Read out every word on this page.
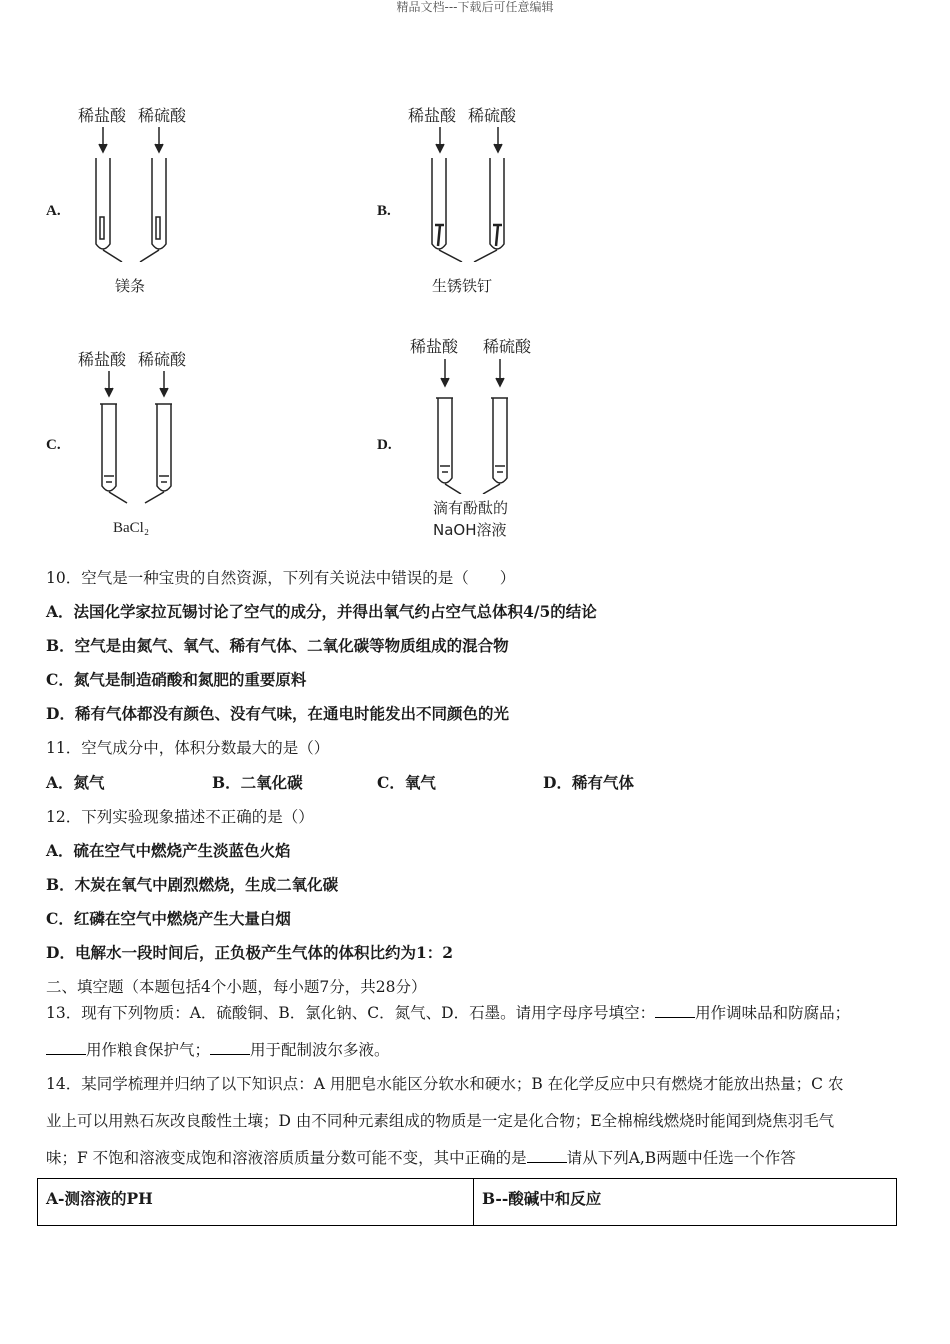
精品文档---下载后可任意编辑
A.
稀盐酸 稀硫酸
镁条
B.
稀盐酸 稀硫酸
生锈铁钉
C.
稀盐酸 稀硫酸
BaCl₂
D.
稀盐酸 稀硫酸
滴有酚酞的
NaOH溶液
10．空气是一种宝贵的自然资源，下列有关说法中错误的是（　　）
A．法国化学家拉瓦锡讨论了空气的成分，并得出氧气约占空气总体积4/5的结论
B．空气是由氮气、氧气、稀有气体、二氧化碳等物质组成的混合物
C．氮气是制造硝酸和氮肥的重要原料
D．稀有气体都没有颜色、没有气味，在通电时能发出不同颜色的光
11．空气成分中，体积分数最大的是（）
A．氮气	B．二氧化碳	C．氧气	D．稀有气体
12．下列实验现象描述不正确的是（）
A．硫在空气中燃烧产生淡蓝色火焰
B．木炭在氧气中剧烈燃烧，生成二氧化碳
C．红磷在空气中燃烧产生大量白烟
D．电解水一段时间后，正负极产生气体的体积比约为1：2
二、填空题（本题包括4个小题，每小题7分，共28分）
13．现有下列物质：A．硫酸铜、B．氯化钠、C．氮气、D．石墨。请用字母序号填空：	用作调味品和防腐品；
用作粮食保护气；	用于配制波尔多液。
14．某同学梳理并归纳了以下知识点：A 用肥皂水能区分软水和硬水；B 在化学反应中只有燃烧才能放出热量；C 农
业上可以用熟石灰改良酸性土壤；D 由不同种元素组成的物质是一定是化合物；E全棉棉线燃烧时能闻到烧焦羽毛气
味；F 不饱和溶液变成饱和溶液溶质质量分数可能不变，其中正确的是	请从下列A,B两题中任选一个作答
A-测溶液的PH	B--酸碱中和反应
